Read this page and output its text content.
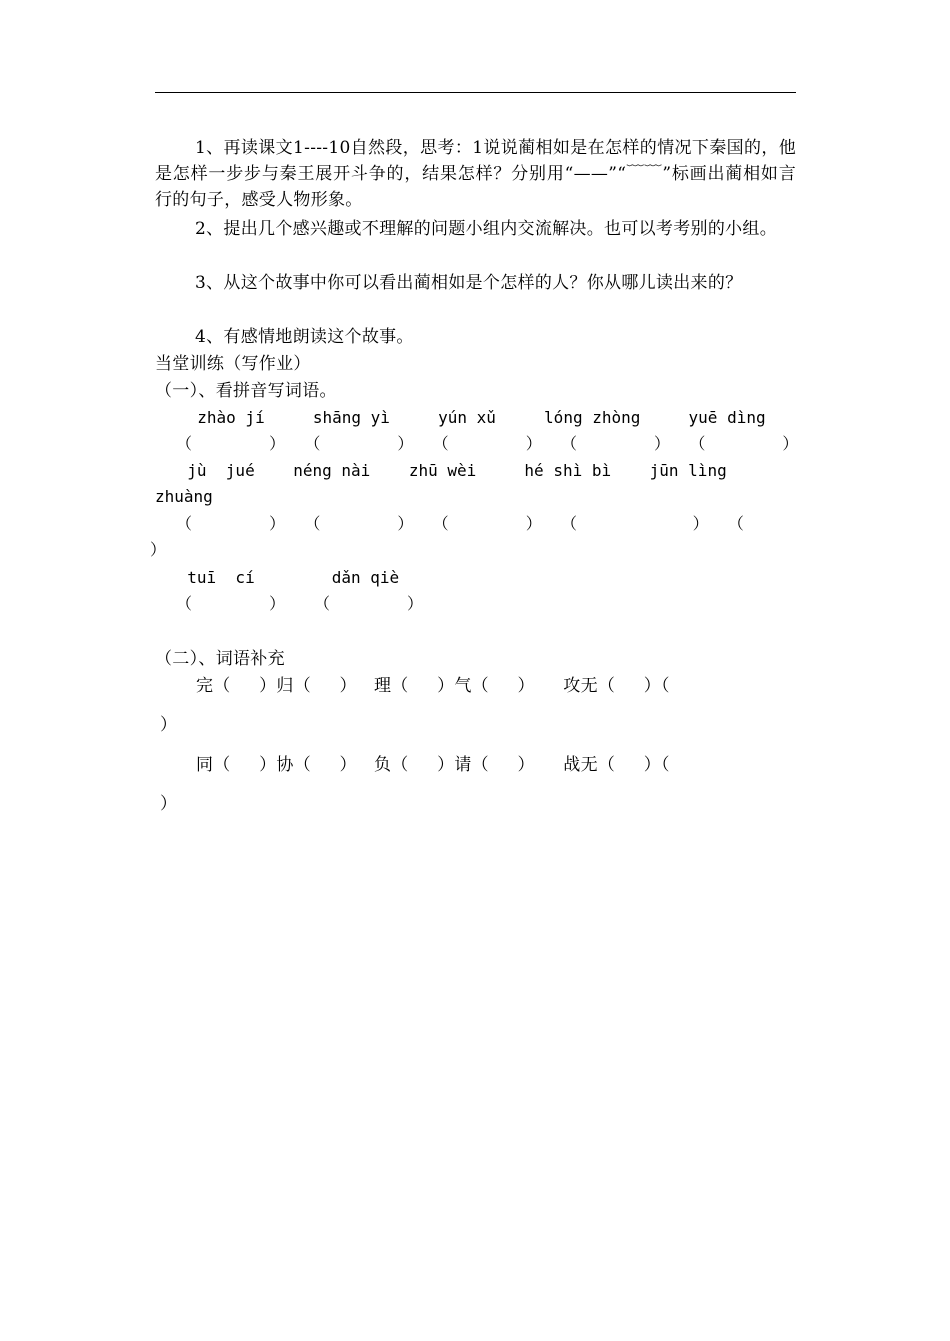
1、再读课文1----10自然段，思考：1说说蔺相如是在怎样的情况下秦国的，他是怎样一步步与秦王展开斗争的，结果怎样？分别用“——”“﹋﹋”标画出蔺相如言行的句子，感受人物形象。

2、提出几个感兴趣或不理解的问题小组内交流解决。也可以考考别的小组。

3、从这个故事中你可以看出蔺相如是个怎样的人？你从哪儿读出来的？

4、有感情地朗读这个故事。

当堂训练（写作业）

（一）、看拼音写词语。

zhào jí     shāng yì     yún xǔ     lóng zhòng     yuē dìng

（        ）  （        ）  （        ）  （        ）  （        ）

jù  jué    néng nài    zhū wèi     hé shì bì    jūn lìng

zhuàng

（        ）  （        ）  （        ）  （            ）  （

）

tuī  cí        dǎn qiè

（        ）   （        ）

（二）、词语补充

完（     ）归（     ）   理（     ）气（     ）     攻无（     ）（

）

同（     ）协（     ）   负（     ）请（     ）     战无（     ）（

）
